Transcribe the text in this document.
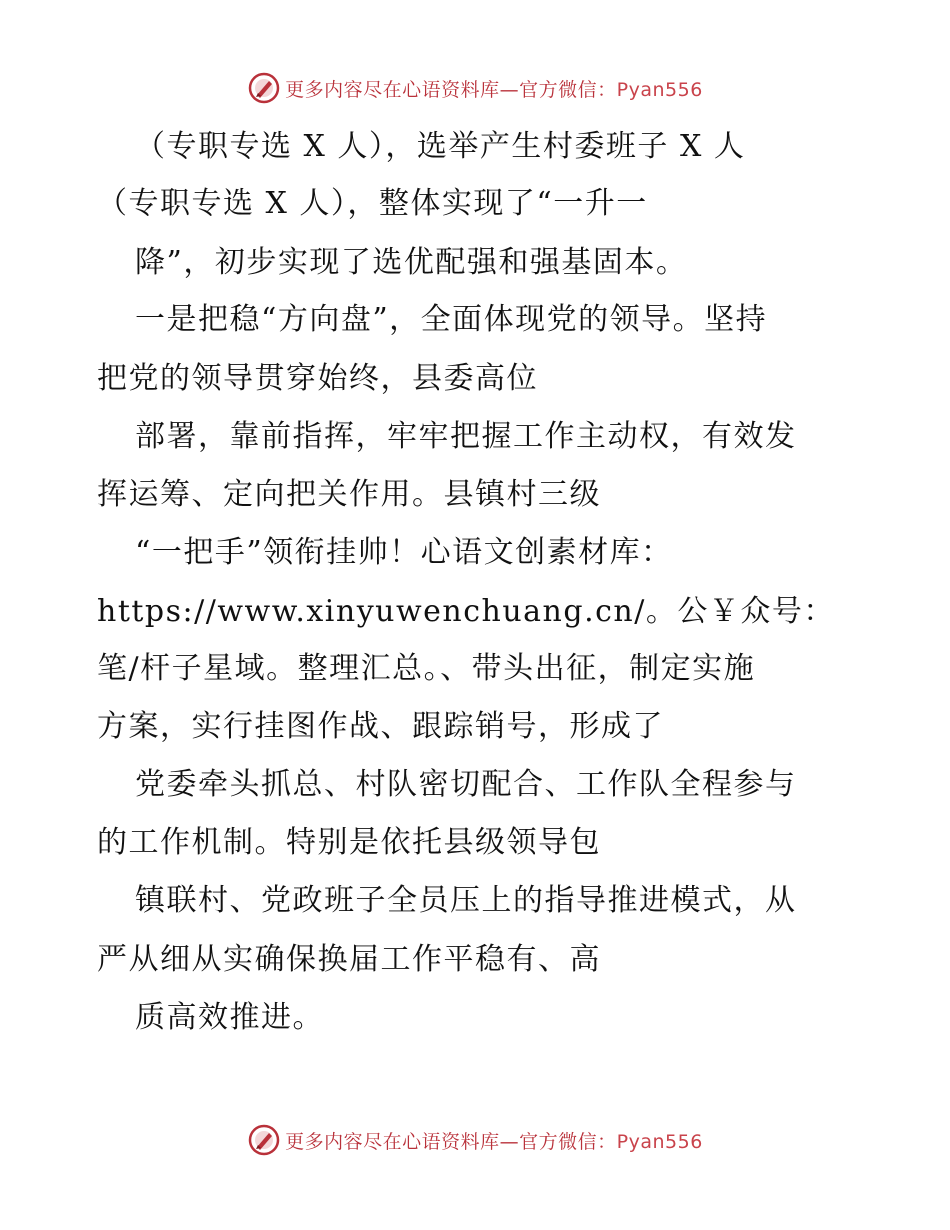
更多内容尽在心语资料库—官方微信：Pyan556
（专职专选 X 人），选举产生村委班子 X 人
（专职专选 X 人），整体实现了“一升一
降”，初步实现了选优配强和强基固本。
一是把稳“方向盘”，全面体现党的领导。坚持
把党的领导贯穿始终，县委高位
部署，靠前指挥，牢牢把握工作主动权，有效发
挥运筹、定向把关作用。县镇村三级
“一把手”领衔挂帅！心语文创素材库：
https://www.xinyuwenchuang.cn/。公￥众号：
笔/杆子星域。整理汇总。、带头出征，制定实施
方案，实行挂图作战、跟踪销号，形成了
党委牵头抓总、村队密切配合、工作队全程参与
的工作机制。特别是依托县级领导包
镇联村、党政班子全员压上的指导推进模式，从
严从细从实确保换届工作平稳有、高
质高效推进。
更多内容尽在心语资料库—官方微信：Pyan556
